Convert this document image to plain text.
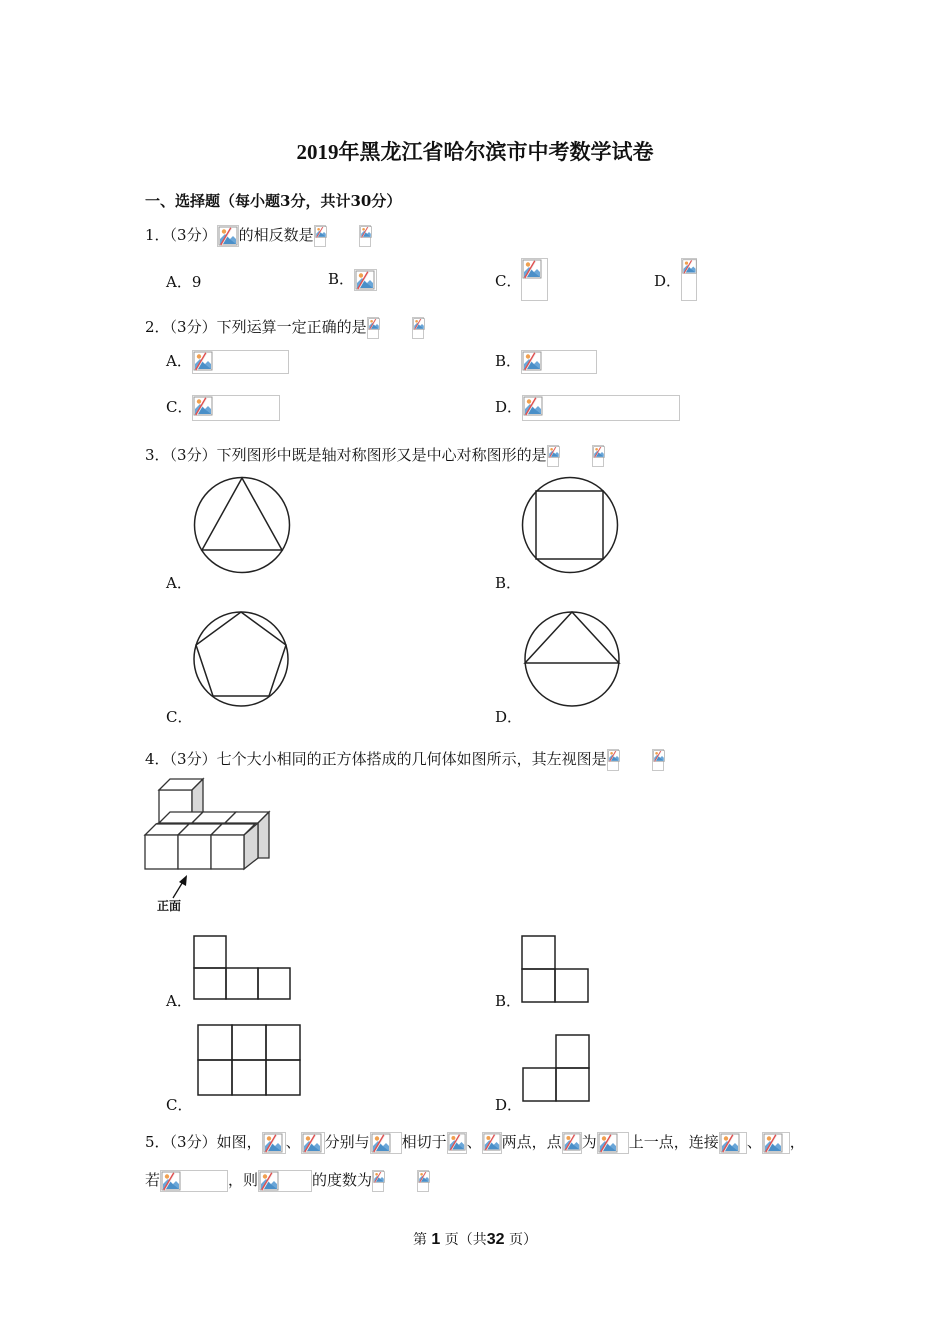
2019年黑龙江省哈尔滨市中考数学试卷
一、选择题（每小题3分，共计30分）
1．（3分） 的相反数是
A．9	B．	C．	D．
2．（3分）下列运算一定正确的是
A．	B．
C．	D．
3．（3分）下列图形中既是轴对称图形又是中心对称图形的是
A．	B．
C．	D．
4．（3分）七个大小相同的正方体搭成的几何体如图所示，其左视图是
正面
A．	B．
C．	D．
5．（3分）如图， 、 分别与 相切于 、 两点，点 为 上一点，连接 、 ，
若	，则	的度数为
第 1 页（共32 页）
